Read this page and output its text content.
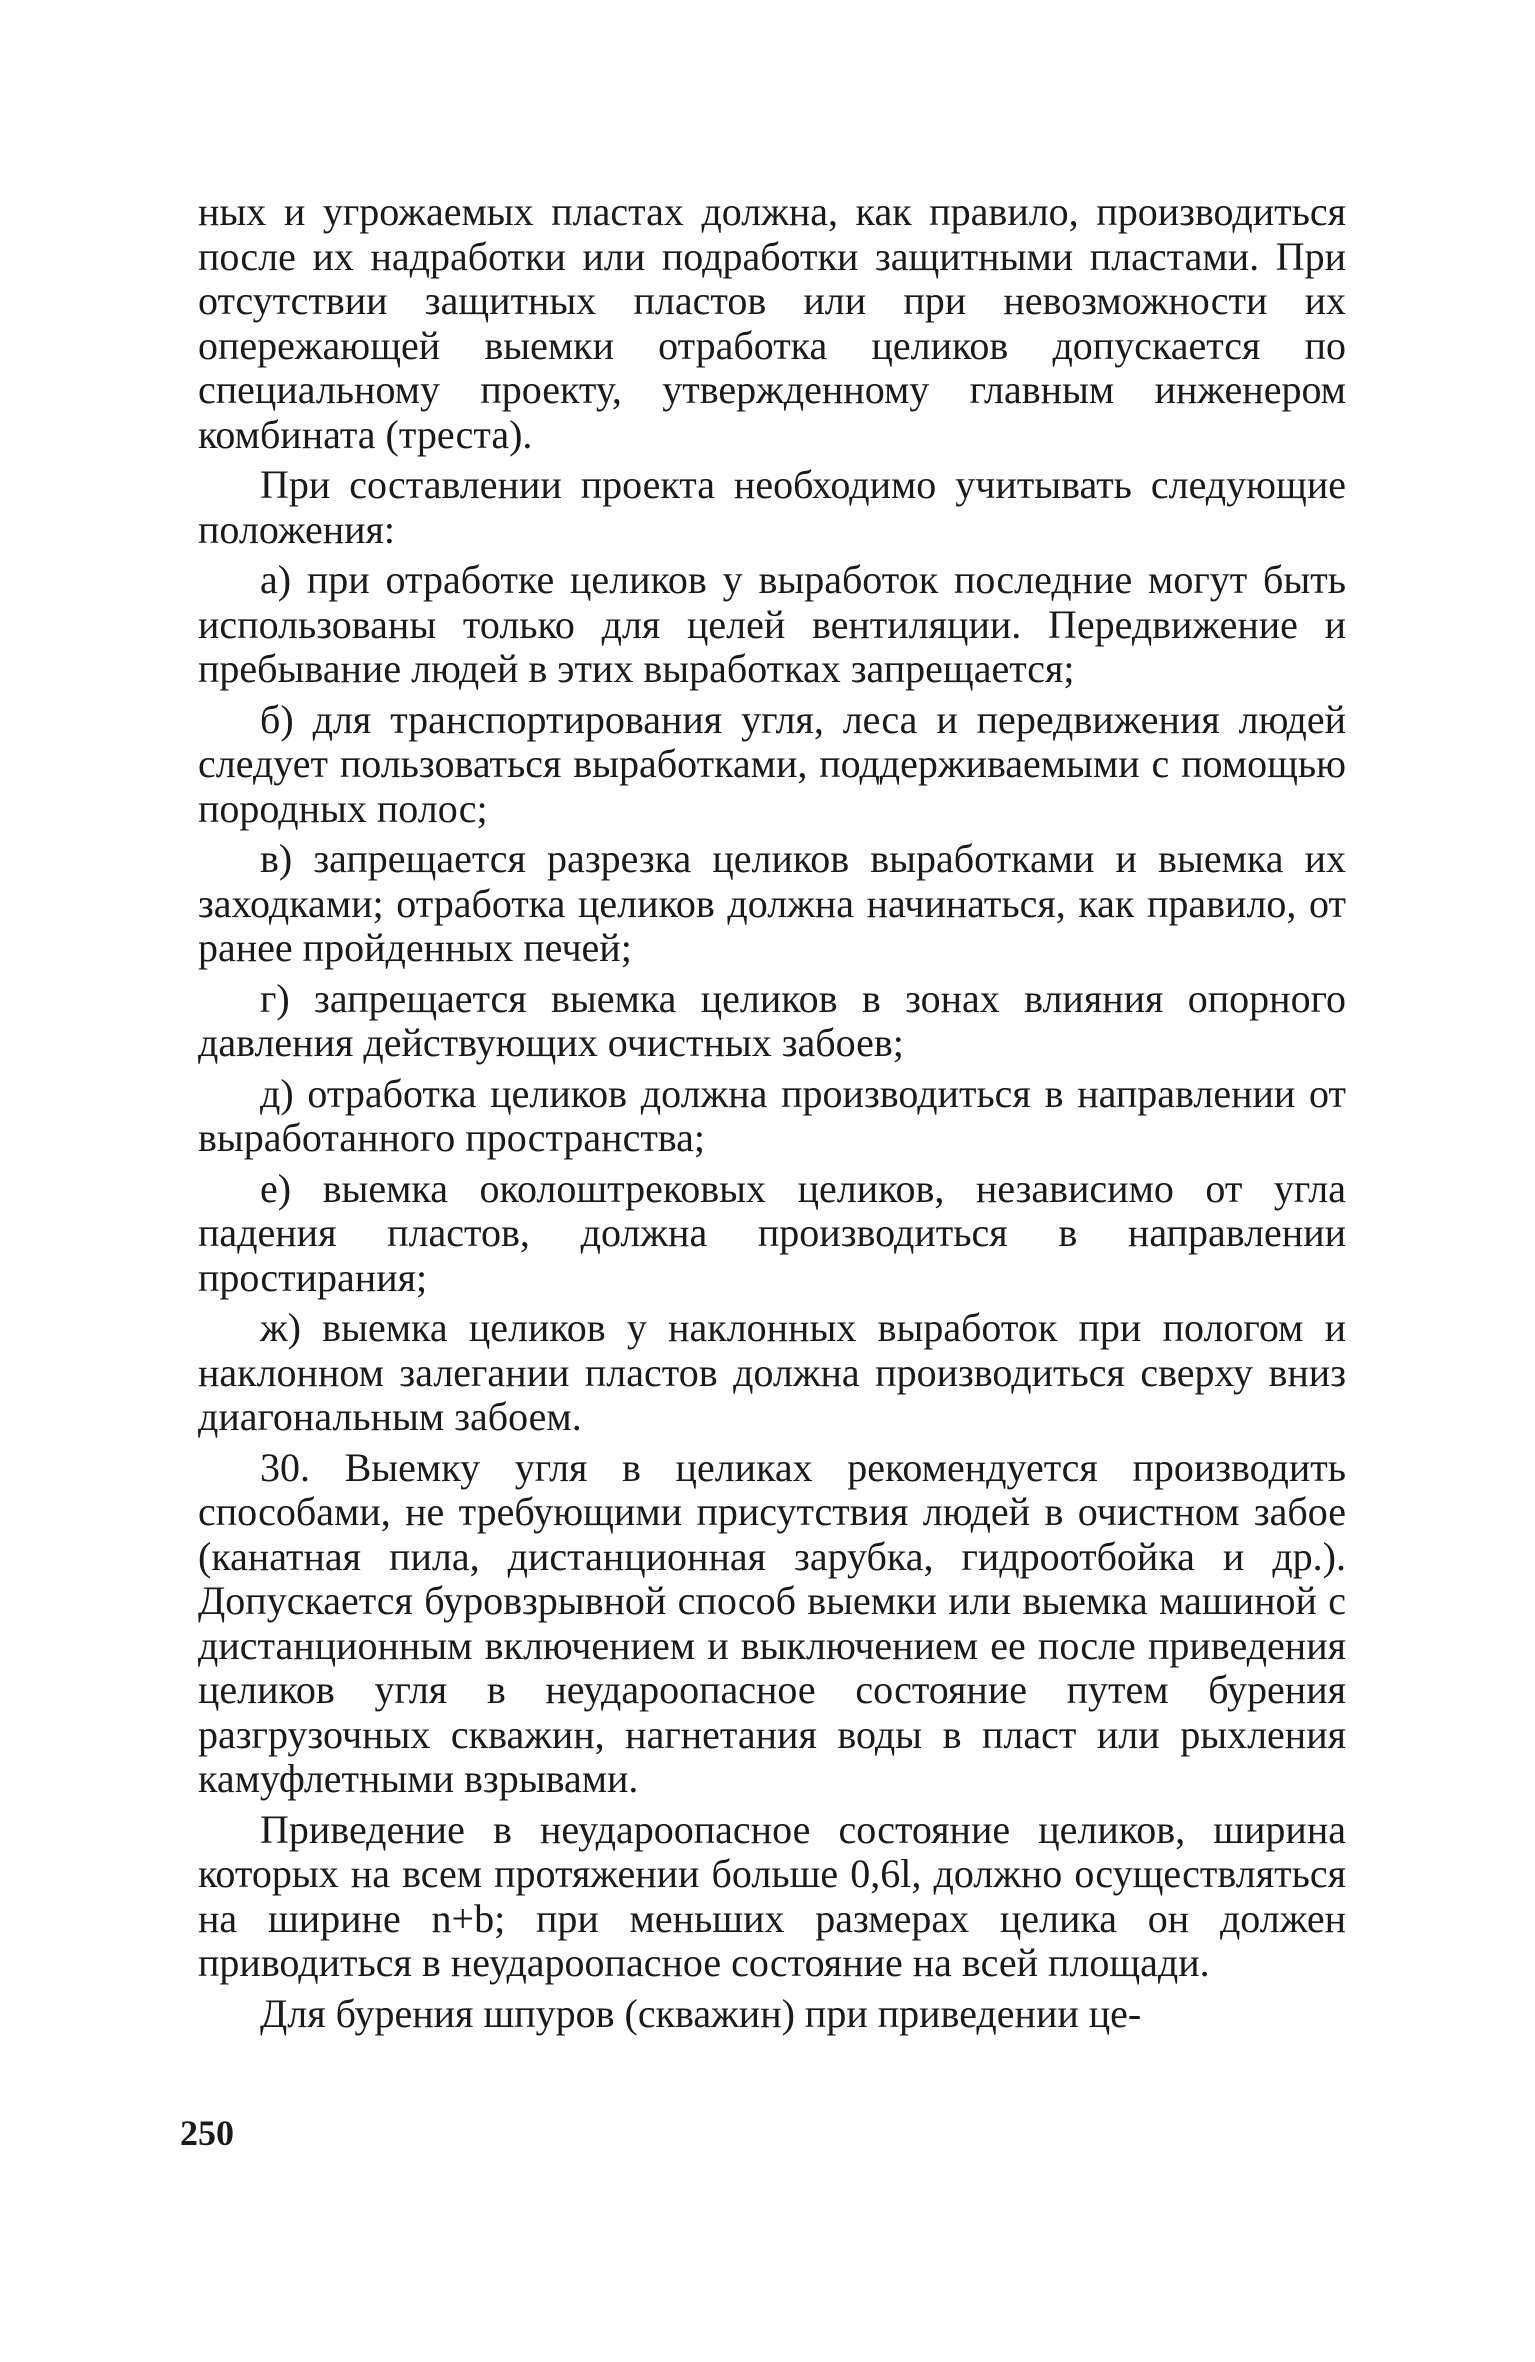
ных и угрожаемых пластах должна, как правило, производиться после их надработки или подработки защитными пластами. При отсутствии защитных пластов или при невозможности их опережающей выемки отработка целиков допускается по специальному проекту, утвержденному главным инженером комбината (треста).

При составлении проекта необходимо учитывать следующие положения:

а) при отработке целиков у выработок последние могут быть использованы только для целей вентиляции. Передвижение и пребывание людей в этих выработках запрещается;

б) для транспортирования угля, леса и передвижения людей следует пользоваться выработками, поддерживаемыми с помощью породных полос;

в) запрещается разрезка целиков выработками и выемка их заходками; отработка целиков должна начинаться, как правило, от ранее пройденных печей;

г) запрещается выемка целиков в зонах влияния опорного давления действующих очистных забоев;

д) отработка целиков должна производиться в направлении от выработанного пространства;

е) выемка околоштрековых целиков, независимо от угла падения пластов, должна производиться в направлении простирания;

ж) выемка целиков у наклонных выработок при пологом и наклонном залегании пластов должна производиться сверху вниз диагональным забоем.

30. Выемку угля в целиках рекомендуется производить способами, не требующими присутствия людей в очистном забое (канатная пила, дистанционная зарубка, гидроотбойка и др.). Допускается буровзрывной способ выемки или выемка машиной с дистанционным включением и выключением ее после приведения целиков угля в неудароопасное состояние путем бурения разгрузочных скважин, нагнетания воды в пласт или рыхления камуфлетными взрывами.

Приведение в неудароопасное состояние целиков, ширина которых на всем протяжении больше 0,6l, должно осуществляться на ширине n+b; при меньших размерах целика он должен приводиться в неудароопасное состояние на всей площади.

Для бурения шпуров (скважин) при приведении це-

250
